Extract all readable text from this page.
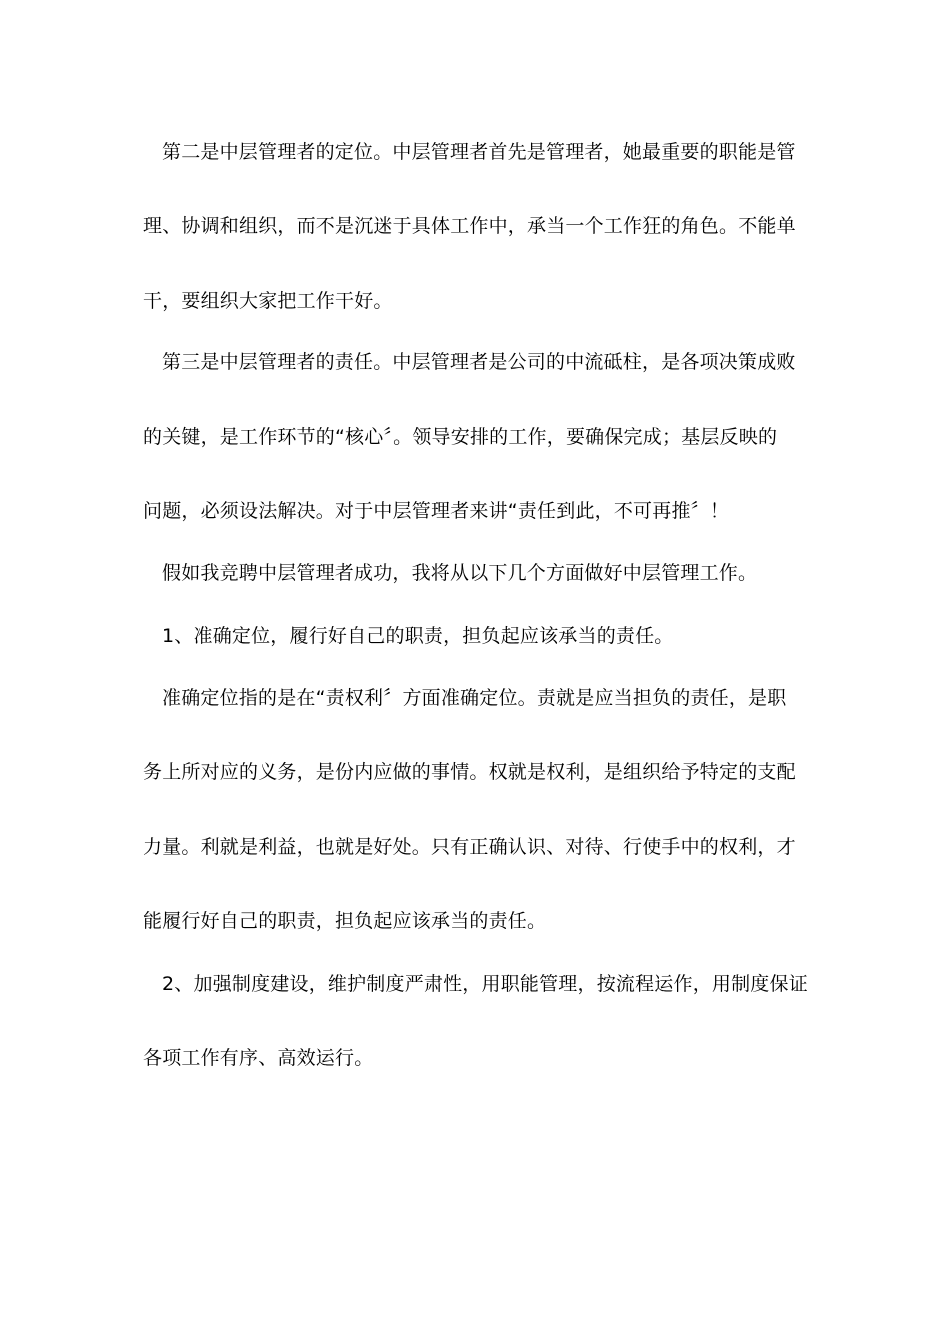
第二是中层管理者的定位。中层管理者首先是管理者，她最重要的职能是管
理、协调和组织，而不是沉迷于具体工作中，承当一个工作狂的角色。不能单
干，要组织大家把工作干好。
第三是中层管理者的责任。中层管理者是公司的中流砥柱，是各项决策成败
的关键，是工作环节的“核心〞。领导安排的工作，要确保完成；基层反映的
问题，必须设法解决。对于中层管理者来讲“责任到此，不可再推〞！
假如我竞聘中层管理者成功，我将从以下几个方面做好中层管理工作。
1、准确定位，履行好自己的职责，担负起应该承当的责任。
准确定位指的是在“责权利〞方面准确定位。责就是应当担负的责任，是职
务上所对应的义务，是份内应做的事情。权就是权利，是组织给予特定的支配
力量。利就是利益，也就是好处。只有正确认识、对待、行使手中的权利，才
能履行好自己的职责，担负起应该承当的责任。
2、加强制度建设，维护制度严肃性，用职能管理，按流程运作，用制度保证
各项工作有序、高效运行。
